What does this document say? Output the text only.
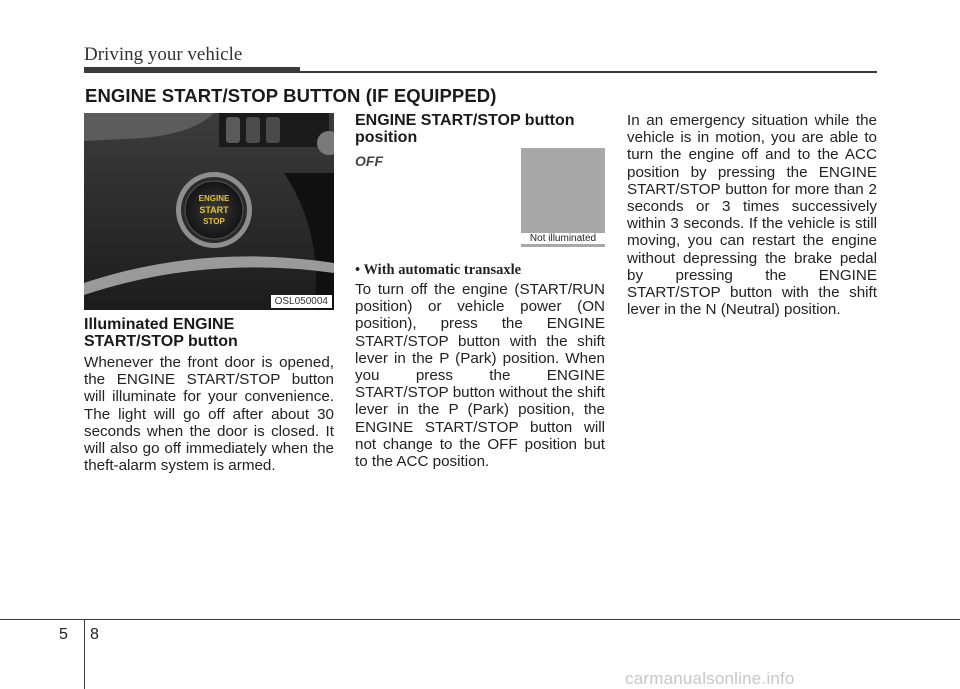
Driving your vehicle
ENGINE START/STOP BUTTON (IF EQUIPPED)
ENGINE
START
STOP
OSL050004
Illuminated ENGINE START/STOP button

Whenever the front door is opened, the ENGINE START/STOP button will illuminate for your convenience. The light will go off after about 30 seconds when the door is closed. It will also go off immediately when the theft-alarm system is armed.

ENGINE START/STOP button position
OFF
Not illuminated
• With automatic transaxle

To turn off the engine (START/RUN position) or vehicle power (ON position), press the ENGINE START/STOP button with the shift lever in the P (Park) position. When you press the ENGINE START/STOP button without the shift lever in the P (Park) position, the ENGINE START/STOP button will not change to the OFF position but to the ACC position.

In an emergency situation while the vehicle is in motion, you are able to turn the engine off and to the ACC position by pressing the ENGINE START/STOP button for more than 2 seconds or 3 times successively within 3 seconds. If the vehicle is still moving, you can restart the engine without depressing the brake pedal by pressing the ENGINE START/STOP button with the shift lever in the N (Neutral) position.

5 8
carmanualsonline.info
